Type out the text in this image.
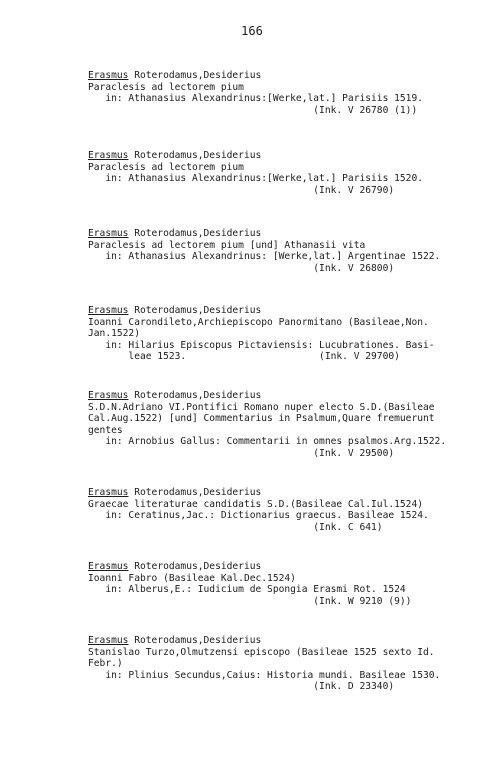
166
Erasmus Roterodamus,Desiderius
Paraclesis ad lectorem pium
in: Athanasius Alexandrinus:[Werke,lat.] Parisiis 1519.
(Ink. V 26780 (1))
Erasmus Roterodamus,Desiderius
Paraclesis ad lectorem pium
in: Athanasius Alexandrinus:[Werke,lat.] Parisiis 1520.
(Ink. V 26790)
Erasmus Roterodamus,Desiderius
Paraclesis ad lectorem pium [und] Athanasii vita
in: Athanasius Alexandrinus: [Werke,lat.] Argentinae 1522.
(Ink. V 26800)
Erasmus Roterodamus,Desiderius
Ioanni Carondileto,Archiepiscopo Panormitano (Basileae,Non.
Jan.1522)
in: Hilarius Episcopus Pictaviensis: Lucubrationes. Basi-
leae 1523.                       (Ink. V 29700)
Erasmus Roterodamus,Desiderius
S.D.N.Adriano VI.Pontifici Romano nuper electo S.D.(Basileae
Cal.Aug.1522) [und] Commentarius in Psalmum,Quare fremuerunt
gentes
in: Arnobius Gallus: Commentarii in omnes psalmos.Arg.1522.
(Ink. V 29500)
Erasmus Roterodamus,Desiderius
Graecae literaturae candidatis S.D.(Basileae Cal.Iul.1524)
in: Ceratinus,Jac.: Dictionarius graecus. Basileae 1524.
(Ink. C 641)
Erasmus Roterodamus,Desiderius
Ioanni Fabro (Basileae Kal.Dec.1524)
in: Alberus,E.: Iudicium de Spongia Erasmi Rot. 1524
(Ink. W 9210 (9))
Erasmus Roterodamus,Desiderius
Stanislao Turzo,Olmutzensi episcopo (Basileae 1525 sexto Id.
Febr.)
in: Plinius Secundus,Caius: Historia mundi. Basileae 1530.
(Ink. D 23340)
